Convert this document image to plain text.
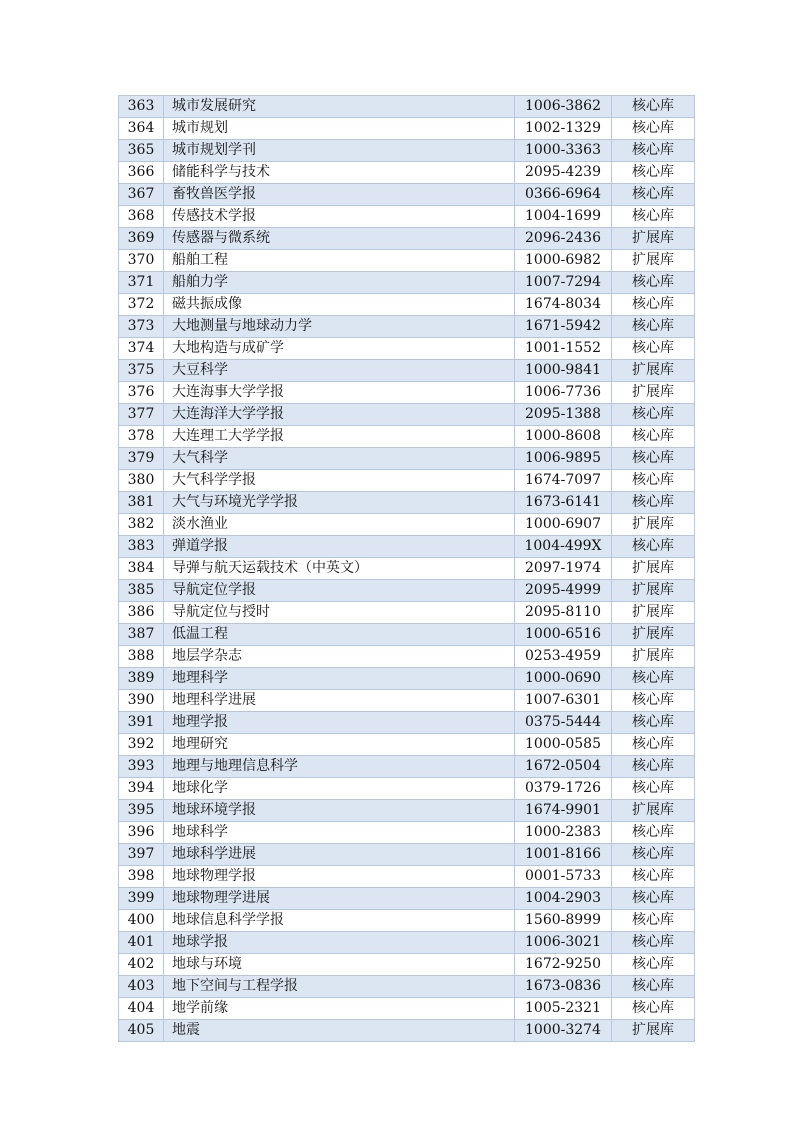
363	城市发展研究	1006-3862	核心库
364	城市规划	1002-1329	核心库
365	城市规划学刊	1000-3363	核心库
366	储能科学与技术	2095-4239	核心库
367	畜牧兽医学报	0366-6964	核心库
368	传感技术学报	1004-1699	核心库
369	传感器与微系统	2096-2436	扩展库
370	船舶工程	1000-6982	扩展库
371	船舶力学	1007-7294	核心库
372	磁共振成像	1674-8034	核心库
373	大地测量与地球动力学	1671-5942	核心库
374	大地构造与成矿学	1001-1552	核心库
375	大豆科学	1000-9841	扩展库
376	大连海事大学学报	1006-7736	扩展库
377	大连海洋大学学报	2095-1388	核心库
378	大连理工大学学报	1000-8608	核心库
379	大气科学	1006-9895	核心库
380	大气科学学报	1674-7097	核心库
381	大气与环境光学学报	1673-6141	核心库
382	淡水渔业	1000-6907	扩展库
383	弹道学报	1004-499X	核心库
384	导弹与航天运载技术（中英文）	2097-1974	扩展库
385	导航定位学报	2095-4999	扩展库
386	导航定位与授时	2095-8110	扩展库
387	低温工程	1000-6516	扩展库
388	地层学杂志	0253-4959	扩展库
389	地理科学	1000-0690	核心库
390	地理科学进展	1007-6301	核心库
391	地理学报	0375-5444	核心库
392	地理研究	1000-0585	核心库
393	地理与地理信息科学	1672-0504	核心库
394	地球化学	0379-1726	核心库
395	地球环境学报	1674-9901	扩展库
396	地球科学	1000-2383	核心库
397	地球科学进展	1001-8166	核心库
398	地球物理学报	0001-5733	核心库
399	地球物理学进展	1004-2903	核心库
400	地球信息科学学报	1560-8999	核心库
401	地球学报	1006-3021	核心库
402	地球与环境	1672-9250	核心库
403	地下空间与工程学报	1673-0836	核心库
404	地学前缘	1005-2321	核心库
405	地震	1000-3274	扩展库
